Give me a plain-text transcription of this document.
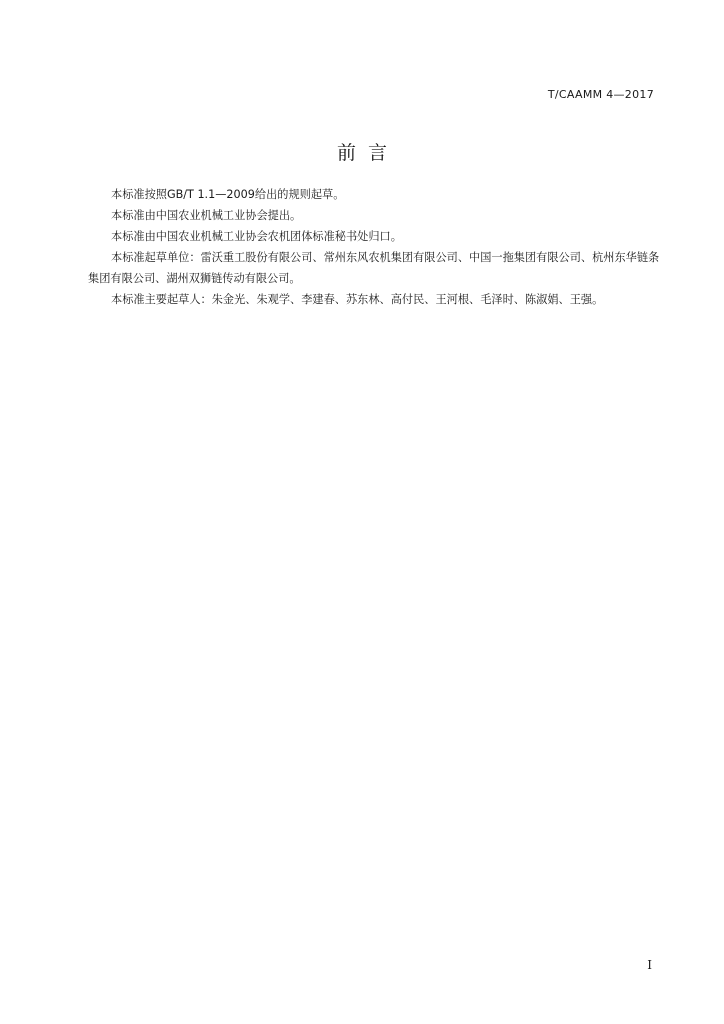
T/CAAMM 4—2017
前言

本标准按照GB/T 1.1—2009给出的规则起草。

本标准由中国农业机械工业协会提出。

本标准由中国农业机械工业协会农机团体标准秘书处归口。

本标准起草单位：雷沃重工股份有限公司、常州东风农机集团有限公司、中国一拖集团有限公司、杭州东华链条集团有限公司、湖州双狮链传动有限公司。

本标准主要起草人：朱金光、朱观学、李建春、苏东林、高付民、王河根、毛泽时、陈淑娟、王强。

I
